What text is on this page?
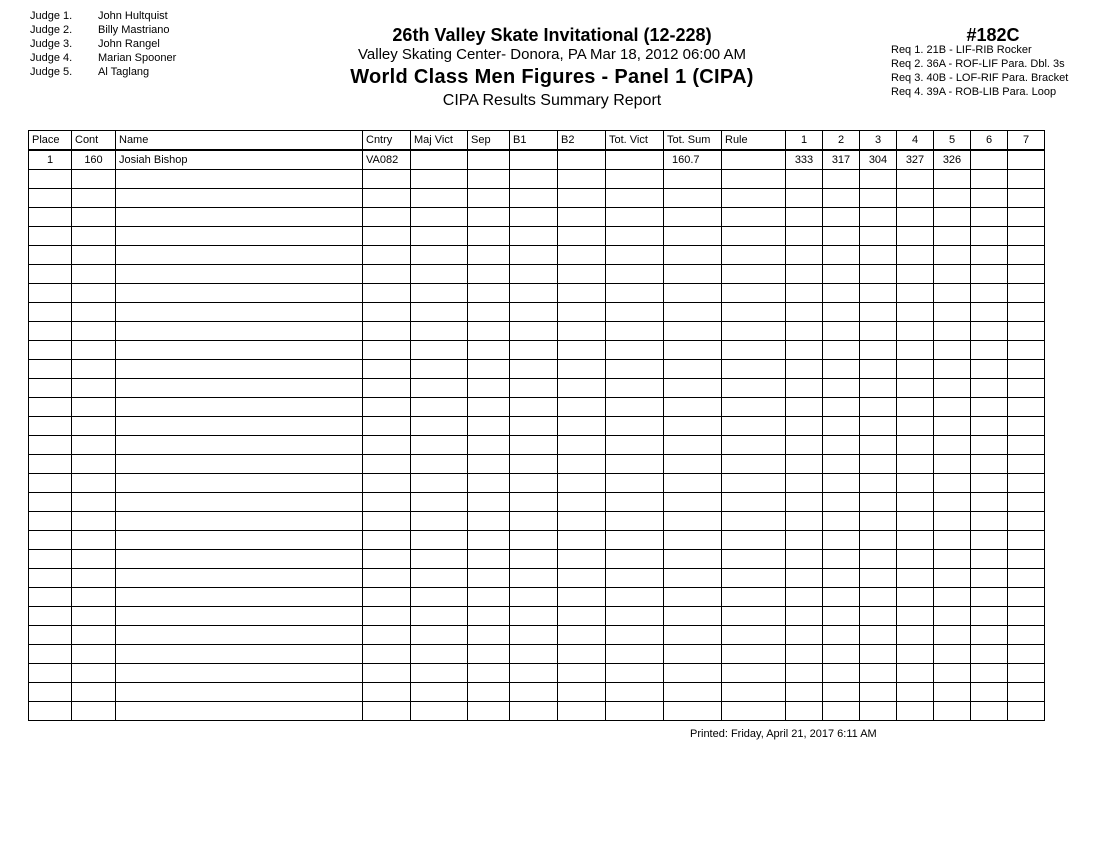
Judge 1. John Hultquist
Judge 2. Billy Mastriano
Judge 3. John Rangel
Judge 4. Marian Spooner
Judge 5. Al Taglang
26th Valley Skate Invitational (12-228)
Valley Skating Center- Donora, PA Mar 18, 2012 06:00 AM
World Class Men Figures - Panel 1 (CIPA)
CIPA Results Summary Report
#182C
Req 1. 21B - LIF-RIB Rocker
Req 2. 36A - ROF-LIF Para. Dbl. 3s
Req 3. 40B - LOF-RIF Para. Bracket
Req 4. 39A - ROB-LIB Para. Loop
Place	Cont	Name	Cntry	Maj Vict	Sep	B1	B2	Tot. Vict	Tot. Sum	Rule	1	2	3	4	5	6	7
1	160	Josiah Bishop	VA082						160.7		333	317	304	327	326		

Printed: Friday, April 21, 2017 6:11 AM
